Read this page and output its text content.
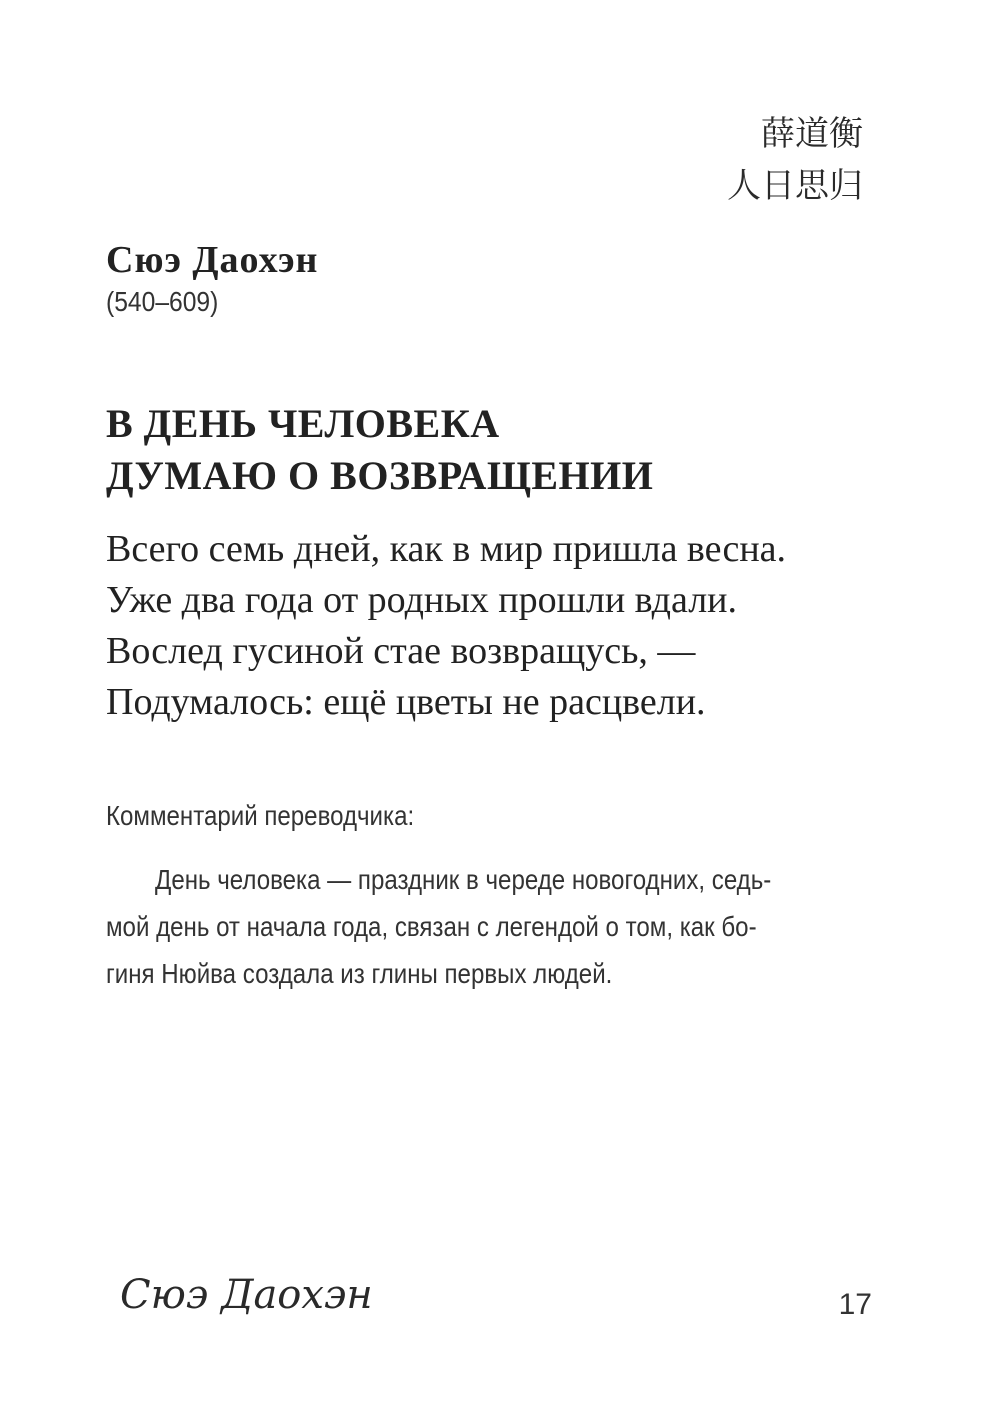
薛道衡
人日思归
Сюэ Даохэн
(540–609)
В ДЕНЬ ЧЕЛОВЕКА
ДУМАЮ О ВОЗВРАЩЕНИИ
Всего семь дней, как в мир пришла весна.
Уже два года от родных прошли вдали.
Вослед гусиной стае возвращусь, —
Подумалось: ещё цветы не расцвели.
Комментарий переводчика:
День человека — праздник в череде новогодних, седь-
мой день от начала года, связан с легендой о том, как бо-
гиня Нюйва создала из глины первых людей.
Сюэ Даохэн	17
